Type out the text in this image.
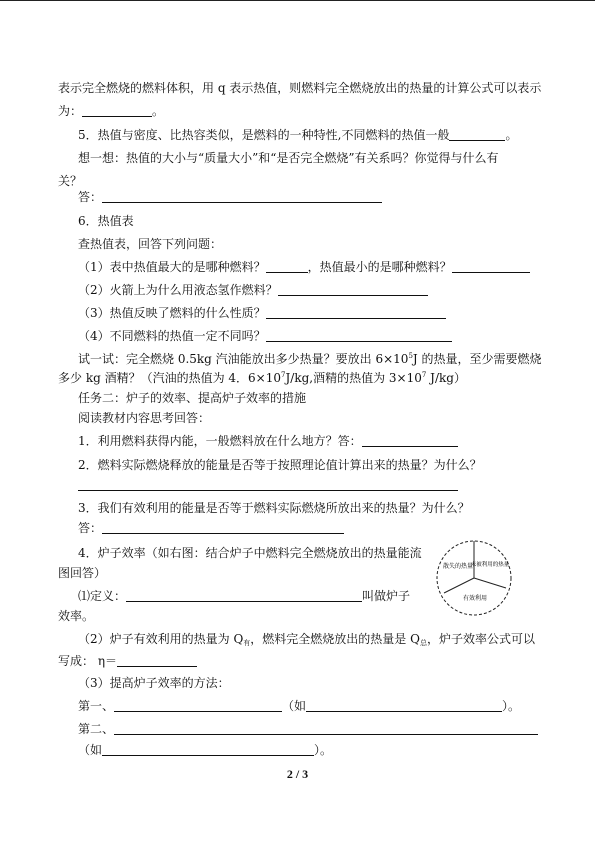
表示完全燃烧的燃料体积，用 q 表示热值，则燃料完全燃烧放出的热量的计算公式可以表示
为：	。
5．热值与密度、比热容类似，是燃料的一种特性,不同燃料的热值一般	。
想一想：热值的大小与“质量大小”和“是否完全燃烧”有关系吗？你觉得与什么有
关？
答：
6．热值表
查热值表，回答下列问题：
（1）表中热值最大的是哪种燃料？	，热值最小的是哪种燃料？
（2）火箭上为什么用液态氢作燃料？
（3）热值反映了燃料的什么性质？
（4）不同燃料的热值一定不同吗？
试一试：完全燃烧 0.5kg 汽油能放出多少热量？要放出 $6\times 10^5J$ 的热量，至少需要燃烧
多少 kg 酒精？（汽油的热值为 4．$6\times 10^7J/kg$,酒精的热值为 $3\times 10^7$ J/kg）
任务二：炉子的效率、提高炉子效率的措施
阅读教材内容思考回答：
1．利用燃料获得内能，一般燃料放在什么地方？答：
2．燃料实际燃烧释放的能量是否等于按照理论值计算出来的热量？为什么？
3．我们有效利用的能量是否等于燃料实际燃烧所放出来的热量？为什么？
答：
4．炉子效率（如右图：结合炉子中燃料完全燃烧放出的热量能流
图回答）
⑴定义：	叫做炉子
效率。
（2）炉子有效利用的热量为 $Q_有$，燃料完全燃烧放出的热量是 $Q_总$，炉子效率公式可以
写成： η＝
（3）提高炉子效率的方法：
第一、	（如	）。
第二、
（如	）。
散失的热量
未被利用的热量
有效利用
2 / 3
